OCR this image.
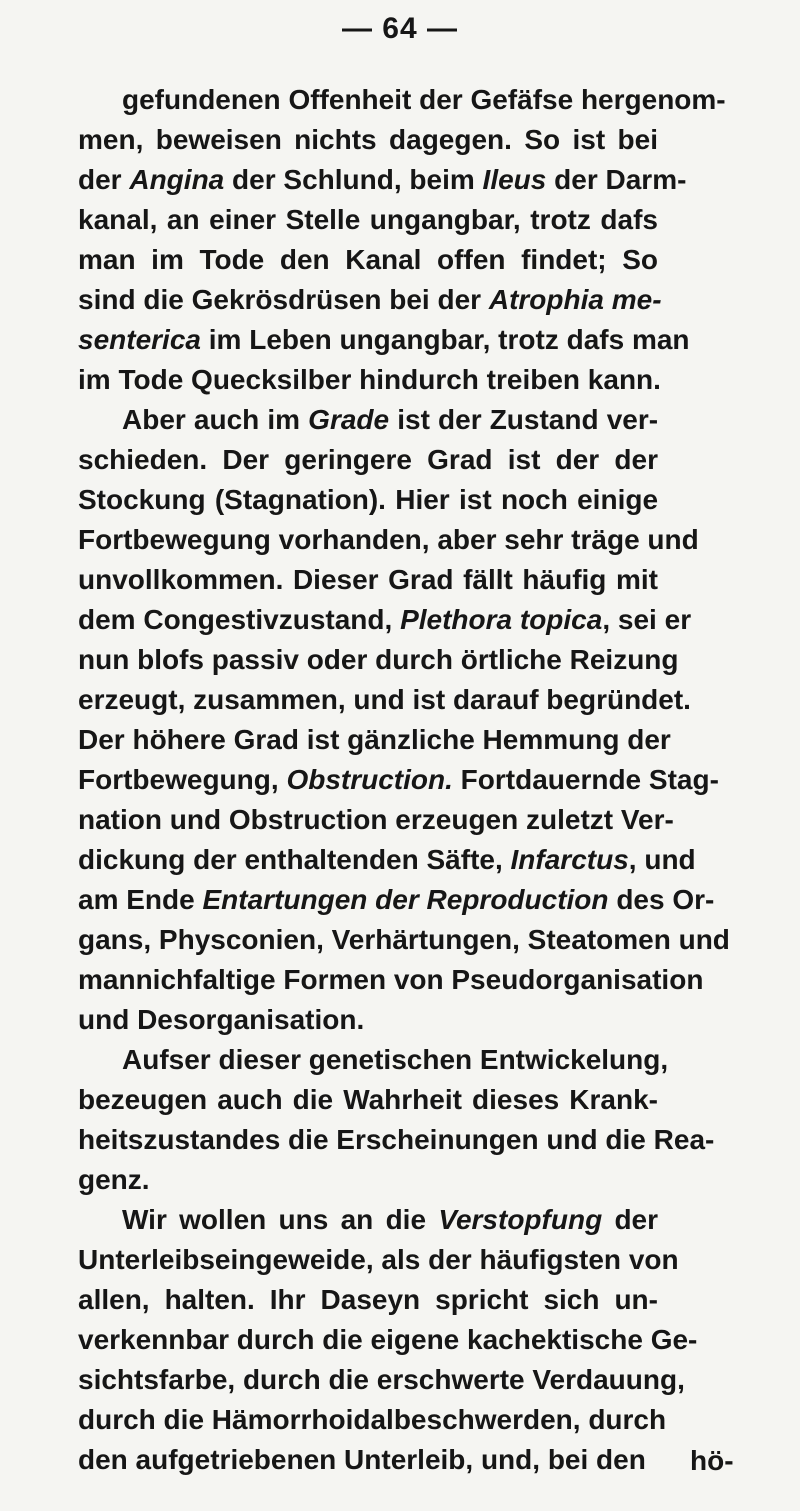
— 64 —
gefundenen Offenheit der Gefäfse hergenom-
men, beweisen nichts dagegen. So ist bei
der Angina der Schlund, beim Ileus der Darm-
kanal, an einer Stelle ungangbar, trotz dafs
man im Tode den Kanal offen findet; So
sind die Gekrösdrüsen bei der Atrophia me-
senterica im Leben ungangbar, trotz dafs man
im Tode Quecksilber hindurch treiben kann.
Aber auch im Grade ist der Zustand ver-
schieden. Der geringere Grad ist der der
Stockung (Stagnation). Hier ist noch einige
Fortbewegung vorhanden, aber sehr träge und
unvollkommen. Dieser Grad fällt häufig mit
dem Congestivzustand, Plethora topica, sei er
nun blofs passiv oder durch örtliche Reizung
erzeugt, zusammen, und ist darauf begründet.
Der höhere Grad ist gänzliche Hemmung der
Fortbewegung, Obstruction. Fortdauernde Stag-
nation und Obstruction erzeugen zuletzt Ver-
dickung der enthaltenden Säfte, Infarctus, und
am Ende Entartungen der Reproduction des Or-
gans, Physconien, Verhärtungen, Steatomen und
mannichfaltige Formen von Pseudorganisation
und Desorganisation.
Aufser dieser genetischen Entwickelung,
bezeugen auch die Wahrheit dieses Krank-
heitszustandes die Erscheinungen und die Rea-
genz.
Wir wollen uns an die Verstopfung der
Unterleibseingeweide, als der häufigsten von
allen, halten. Ihr Daseyn spricht sich un-
verkennbar durch die eigene kachektische Ge-
sichtsfarbe, durch die erschwerte Verdauung,
durch die Hämorrhoidalbeschwerden, durch
den aufgetriebenen Unterleib, und, bei den	hö-
